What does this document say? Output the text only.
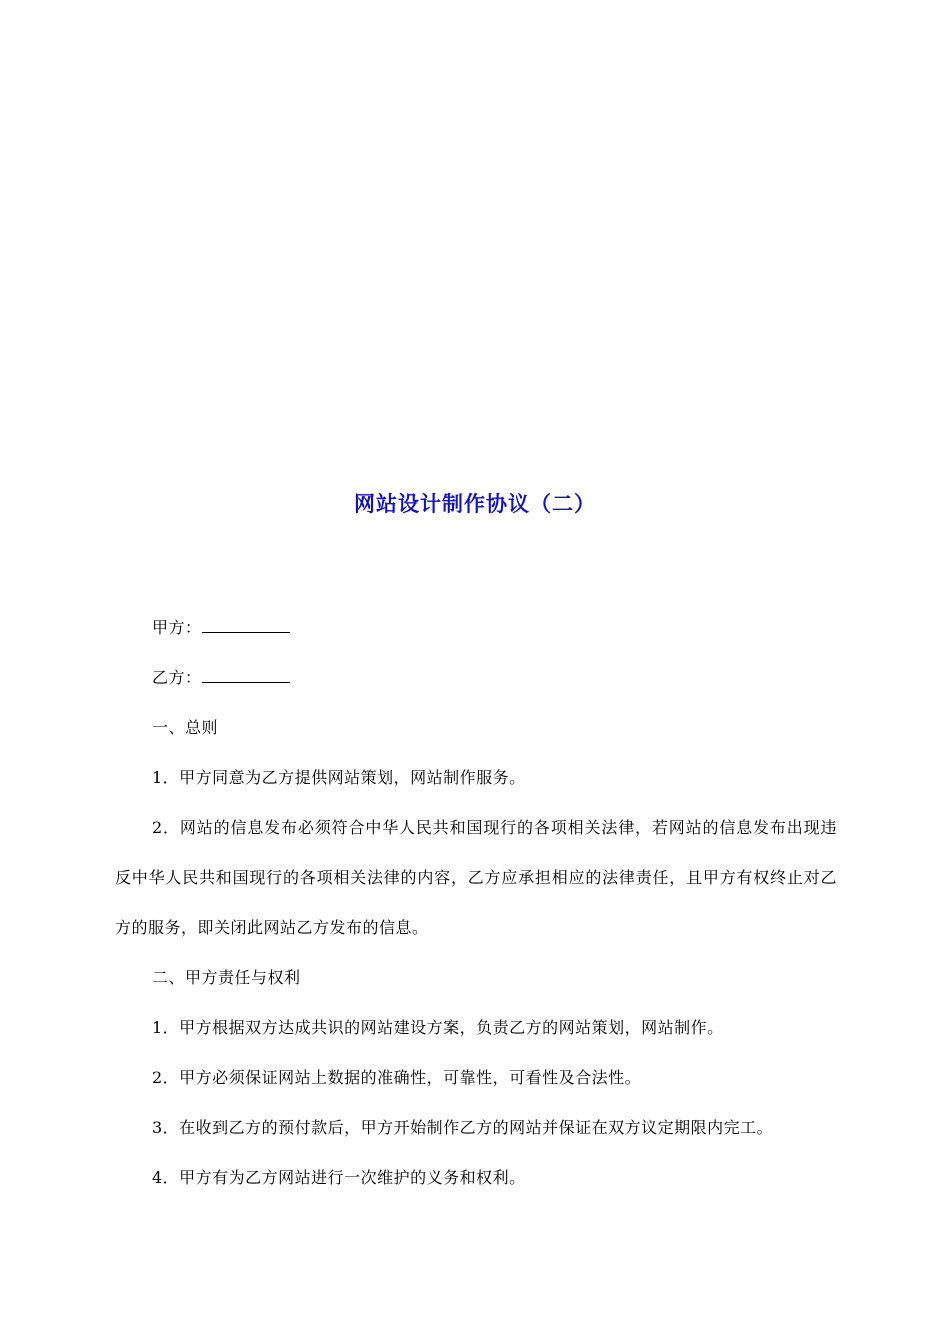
网站设计制作协议（二）

甲方：

乙方：

一、总则

1．甲方同意为乙方提供网站策划，网站制作服务。

2．网站的信息发布必须符合中华人民共和国现行的各项相关法律，若网站的信息发布出现违反中华人民共和国现行的各项相关法律的内容，乙方应承担相应的法律责任，且甲方有权终止对乙方的服务，即关闭此网站乙方发布的信息。

二、甲方责任与权利

1．甲方根据双方达成共识的网站建设方案，负责乙方的网站策划，网站制作。

2．甲方必须保证网站上数据的准确性，可靠性，可看性及合法性。

3．在收到乙方的预付款后，甲方开始制作乙方的网站并保证在双方议定期限内完工。

4．甲方有为乙方网站进行一次维护的义务和权利。
